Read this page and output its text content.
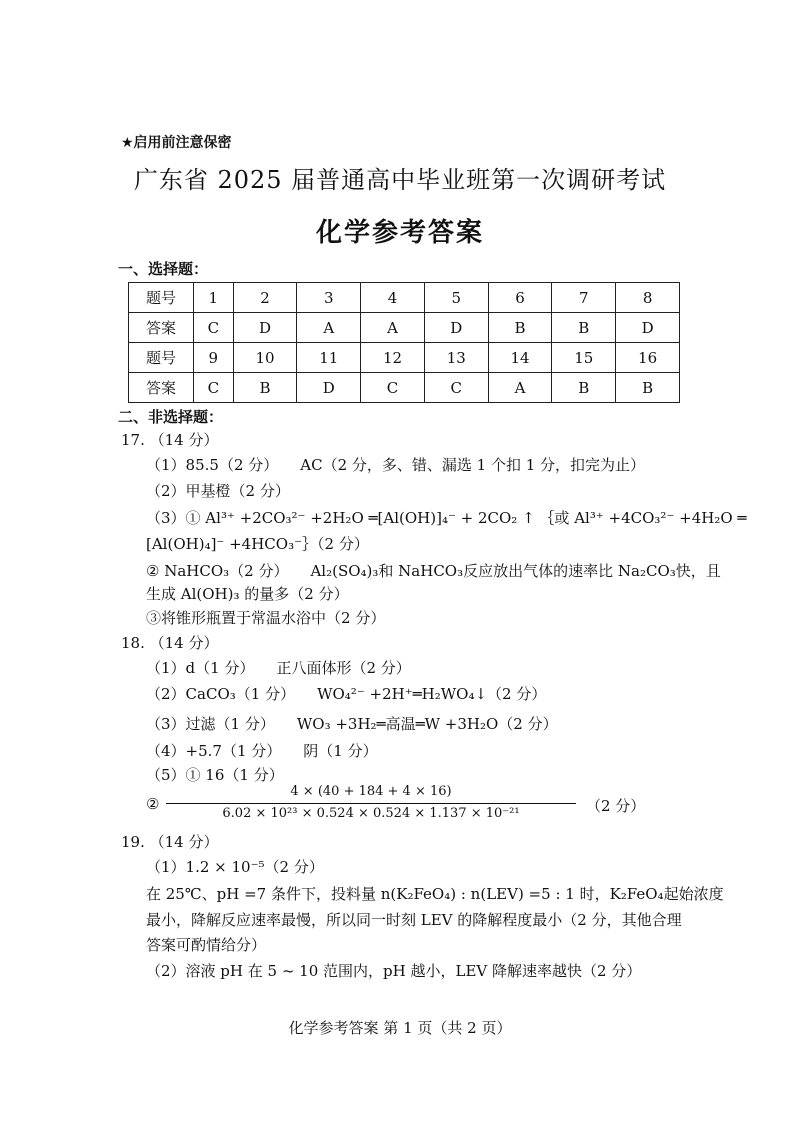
★启用前注意保密
广东省 2025 届普通高中毕业班第一次调研考试
化学参考答案
一、选择题：
题号	1	2	3	4	5	6	7	8
答案	C	D	A	A	D	B	B	D
题号	9	10	11	12	13	14	15	16
答案	C	B	D	C	C	A	B	B
二、非选择题：
17. （14 分）
（1）85.5（2 分） AC（2 分，多、错、漏选 1 个扣 1 分，扣完为止）
（2）甲基橙（2 分）
（3）① Al³⁺ +2CO₃²⁻ +2H₂O ═[Al(OH)]₄⁻ + 2CO₂ ↑ ｛或 Al³⁺ +4CO₃²⁻ +4H₂O ═
[Al(OH)₄]⁻ +4HCO₃⁻｝（2 分）
② NaHCO₃（2 分） Al₂(SO₄)₃和 NaHCO₃反应放出气体的速率比 Na₂CO₃快，且
生成 Al(OH)₃ 的量多（2 分）
③将锥形瓶置于常温水浴中（2 分）
18. （14 分）
（1）d（1 分） 正八面体形（2 分）
（2）CaCO₃（1 分） WO₄²⁻ +2H⁺═H₂WO₄↓（2 分）
（3）过滤（1 分） WO₃ +3H₂═高温═W +3H₂O（2 分）
（4）+5.7（1 分） 阴（1 分）
（5）① 16（1 分）
②
4 × (40 + 184 + 4 × 16)
6.02 × 10²³ × 0.524 × 0.524 × 1.137 × 10⁻²¹	（2 分）
19. （14 分）
（1）1.2 × 10⁻⁵（2 分）
在 25℃、pH =7 条件下，投料量 n(K₂FeO₄) : n(LEV) =5 : 1 时，K₂FeO₄起始浓度
最小，降解反应速率最慢，所以同一时刻 LEV 的降解程度最小（2 分，其他合理
答案可酌情给分）
（2）溶液 pH 在 5 ~ 10 范围内，pH 越小，LEV 降解速率越快（2 分）
化学参考答案 第 1 页（共 2 页）
